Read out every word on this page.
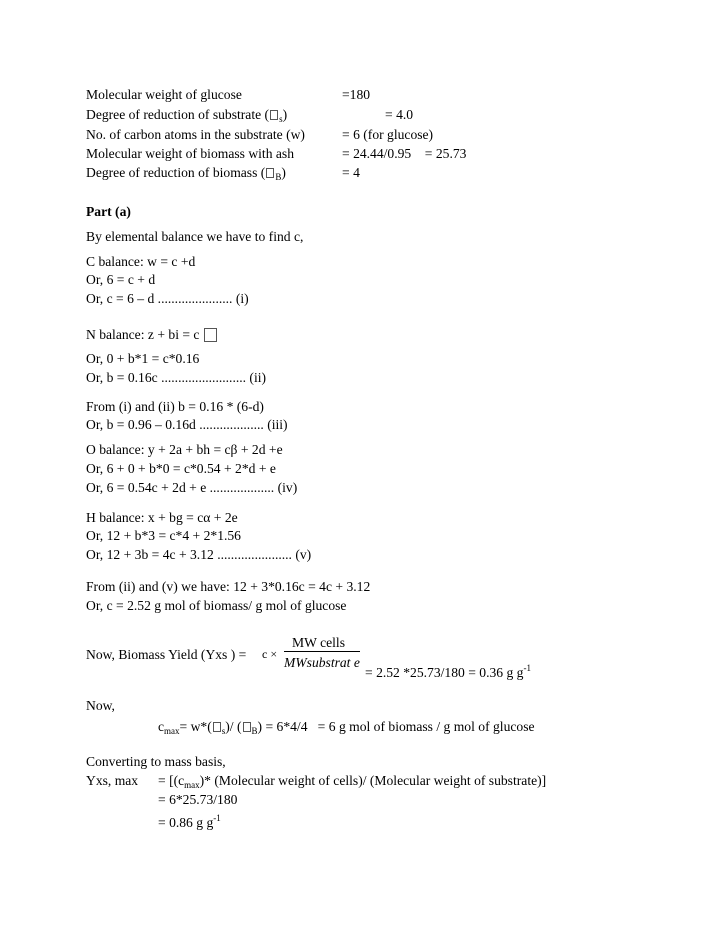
Molecular weight of glucose	=180
Degree of reduction of substrate ( $_s$)	= 4.0
No. of carbon atoms in the substrate (w)	= 6 (for glucose)
Molecular weight of biomass with ash	= 24.44/0.95    = 25.73
Degree of reduction of biomass ( $_B$)	= 4
Part (a)
By elemental balance we have to find c,
C balance: w = c +d
Or, 6 = c + d
Or, c = 6 – d ...................... (i)
N balance: z + bi = c
Or, 0 + b*1 = c*0.16
Or, b = 0.16c ......................... (ii)
From (i) and (ii) b = 0.16 * (6-d)
Or, b = 0.96 – 0.16d ................... (iii)
O balance: y + 2a + bh = cβ + 2d +e
Or, 6 + 0 + b*0 = c*0.54 + 2*d + e
Or, 6 = 0.54c + 2d + e ................... (iv)
H balance: x + bg = cα + 2e
Or, 12 + b*3 = c*4 + 2*1.56
Or, 12 + 3b = 4c + 3.12 ...................... (v)
From (ii) and (v) we have: 12 + 3*0.16c = 4c + 3.12
Or, c = 2.52 g mol of biomass/ g mol of glucose
Now, Biomass Yield (Yxs ) = c ×
MW cells
MWsubstrat e
= 2.52 *25.73/180 = 0.36 g $g^{-1}$
Now,
$c_{max}= w*$( $_s$)/ ( $_B$) = 6*4/4   = 6 g mol of biomass / g mol of glucose
Converting to mass basis,
Yxs, $\max = [(c_{max})*$ (Molecular weight of cells)/ (Molecular weight of substrate)]
= 6*25.73/180
= 0.86 g $g^{-1}$
